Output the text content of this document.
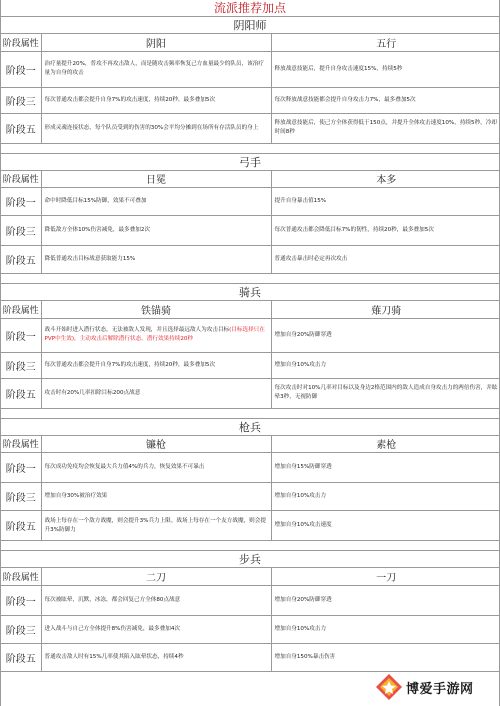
流派推荐加点
阴阳师
阶段属性	阴阳	五行
阶段一	治疗量提升20%，普攻不再攻击敌人，而是随攻击频率恢复己方血量最少的队员，该治疗量为自身的攻击	释放战意技能后，提升自身攻击速度15%，持续5秒
阶段三	每次普通攻击都会提升自身7%的攻击速度，持续20秒，最多叠加5次	每次释放战意技能都会提升自身攻击力7%，最多叠加5次
阶段五	形成灵魂连接状态，每个队员受到的伤害的30%会平均分摊到在场所有存活队员的身上	释放战意技能后，使己方全体获得低于150点，并提升全体攻击速度10%，持续5秒，冷却时间8秒
弓手
阶段属性	日冕	本多
阶段一	命中时降低目标15%防御，效果不可叠加	提升自身暴击值15%
阶段三	降低敌方全体10%伤害减免，最多叠加2次	每次普通攻击都会降低目标7%的韧性，持续20秒，最多叠加5次
阶段五	降低普通攻击目标战意获取能力15%	普通攻击暴击时必定再次攻击
骑兵
阶段属性	铁锚骑	薙刀骑
阶段一	战斗开始时进入潜行状态，无法被敌人发现，并且选择最远敌人为攻击目标(目标选择只在PVP中生效)，主动攻击后解除潜行状态，潜行效果持续20秒	增加自身20%防御穿透
阶段三	每次普通攻击都会提升自身7%的攻击速度，持续20秒，最多叠加5次	增加自身10%攻击力
阶段五	攻击时有20%几率扣除目标200点战意	每次攻击时对10%几率对目标以及身边2格范围内的敌人造成自身攻击力的两倍伤害，并眩晕3秒，无视防御
枪兵
阶段属性	镰枪	素枪
阶段一	每次成功免疫均会恢复最大兵力值4%的兵力，恢复效果不可暴击	增加自身15%防御穿透
阶段三	增加自身30%被治疗效果	增加自身10%攻击力
阶段五	战场上每存在一个敌方战魔，则会提升3%兵力上限。战场上每存在一个友方战魔，则会提升3%防御力	增加自身10%攻击速度
步兵
阶段属性	二刀	一刀
阶段一	每次被眩晕，沉默，冰冻，都会回复己方全体80点战意	增加自身20%防御穿透
阶段三	进入战斗与自己方全体提升8%伤害减免，最多叠加4次	增加自身10%攻击力
阶段五	普通攻击敌人时有15%几率使其陷入眩晕状态，持续4秒	增加自身150%暴击伤害
博爱手游网
